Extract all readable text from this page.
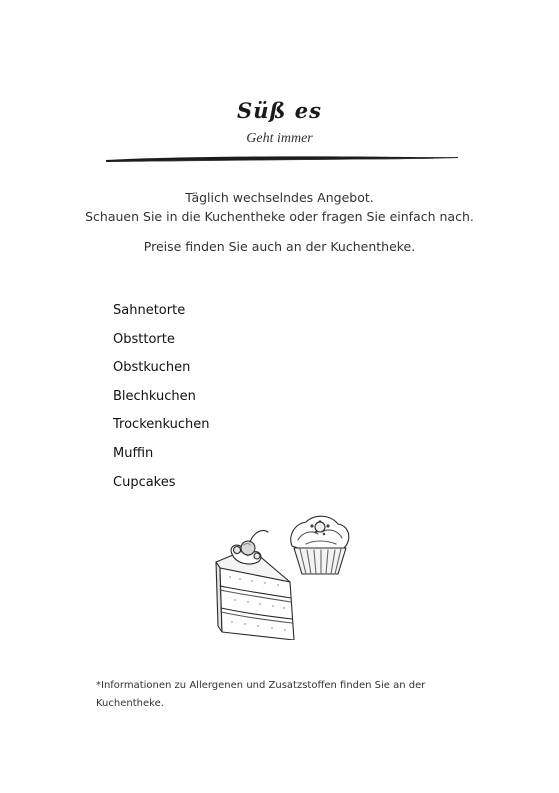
Süß es
Geht immer
Täglich wechselndes Angebot.
Schauen Sie in die Kuchentheke oder fragen Sie einfach nach.
Preise finden Sie auch an der Kuchentheke.
Sahnetorte
Obsttorte
Obstkuchen
Blechkuchen
Trockenkuchen
Muffin
Cupcakes
*Informationen zu Allergenen und Zusatzstoffen finden Sie an der Kuchentheke.
